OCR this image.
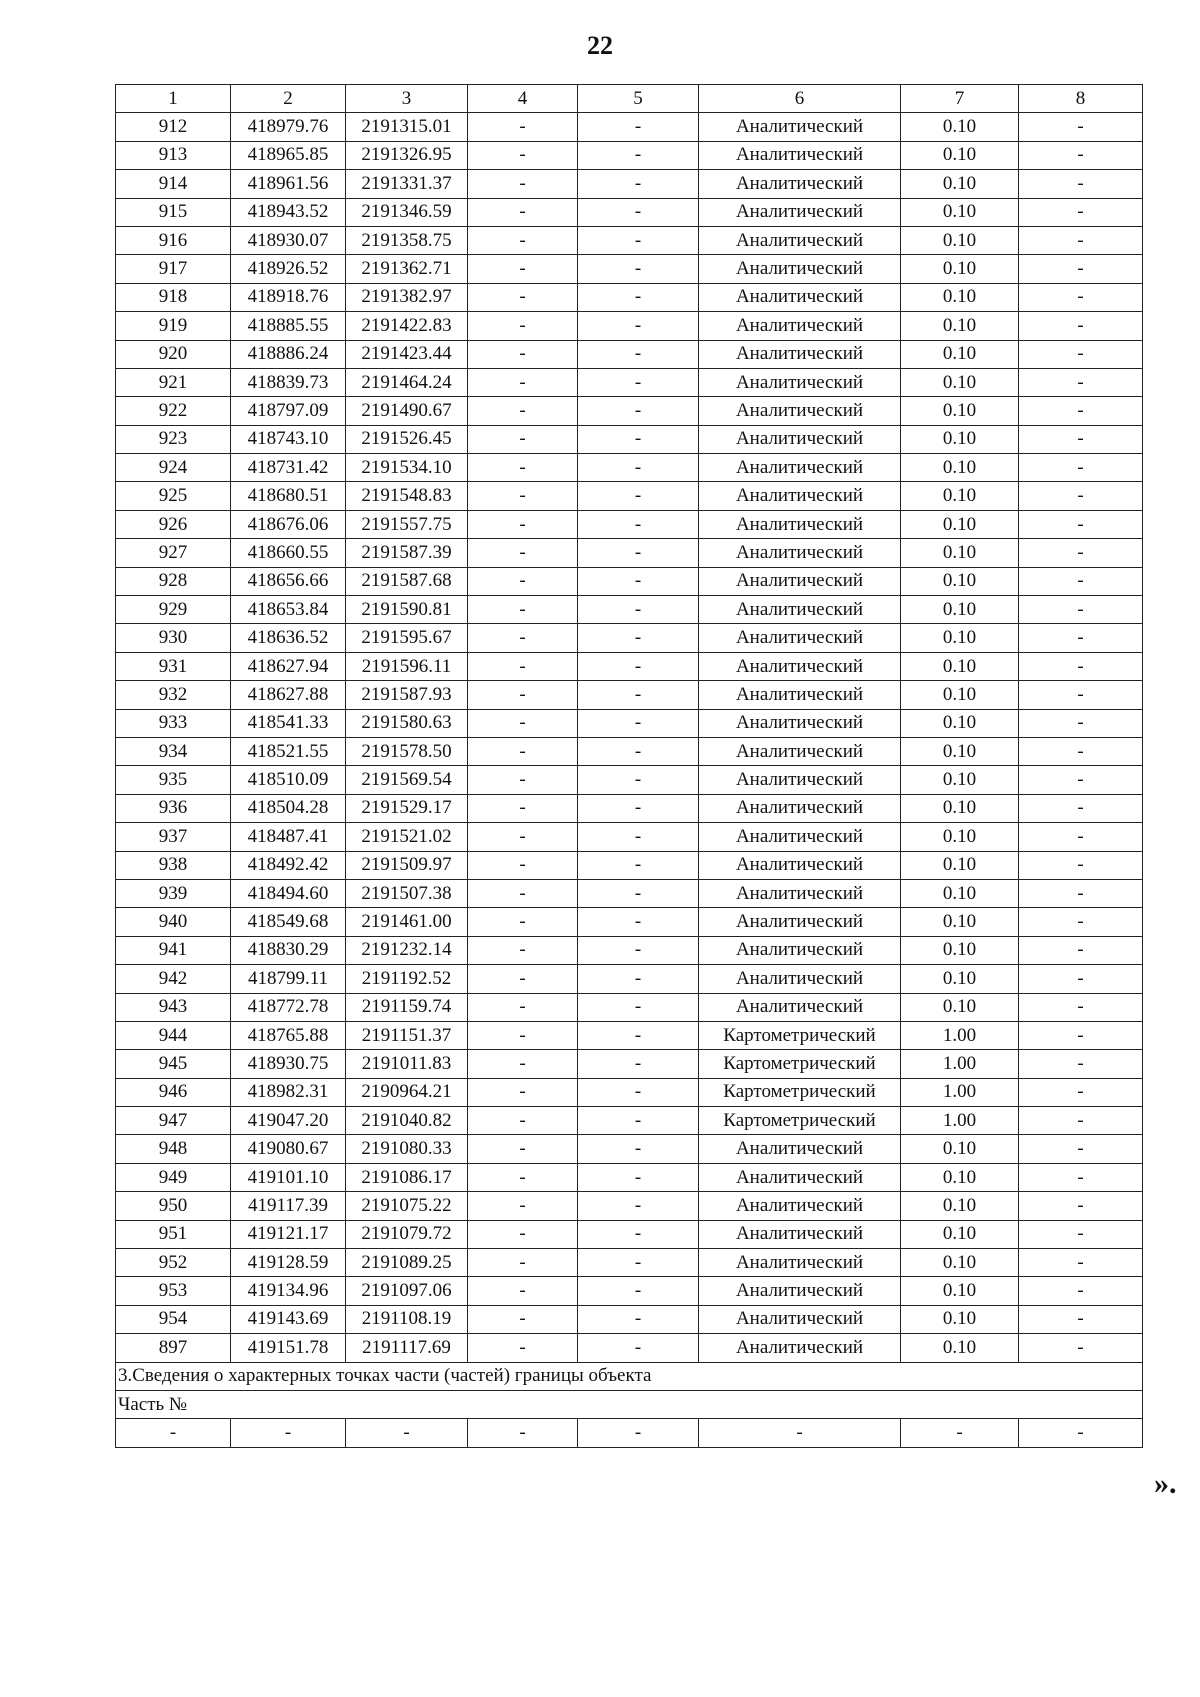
22
1	2	3	4	5	6	7	8
912	418979.76	2191315.01	-	-	Аналитический	0.10	-
913	418965.85	2191326.95	-	-	Аналитический	0.10	-
914	418961.56	2191331.37	-	-	Аналитический	0.10	-
915	418943.52	2191346.59	-	-	Аналитический	0.10	-
916	418930.07	2191358.75	-	-	Аналитический	0.10	-
917	418926.52	2191362.71	-	-	Аналитический	0.10	-
918	418918.76	2191382.97	-	-	Аналитический	0.10	-
919	418885.55	2191422.83	-	-	Аналитический	0.10	-
920	418886.24	2191423.44	-	-	Аналитический	0.10	-
921	418839.73	2191464.24	-	-	Аналитический	0.10	-
922	418797.09	2191490.67	-	-	Аналитический	0.10	-
923	418743.10	2191526.45	-	-	Аналитический	0.10	-
924	418731.42	2191534.10	-	-	Аналитический	0.10	-
925	418680.51	2191548.83	-	-	Аналитический	0.10	-
926	418676.06	2191557.75	-	-	Аналитический	0.10	-
927	418660.55	2191587.39	-	-	Аналитический	0.10	-
928	418656.66	2191587.68	-	-	Аналитический	0.10	-
929	418653.84	2191590.81	-	-	Аналитический	0.10	-
930	418636.52	2191595.67	-	-	Аналитический	0.10	-
931	418627.94	2191596.11	-	-	Аналитический	0.10	-
932	418627.88	2191587.93	-	-	Аналитический	0.10	-
933	418541.33	2191580.63	-	-	Аналитический	0.10	-
934	418521.55	2191578.50	-	-	Аналитический	0.10	-
935	418510.09	2191569.54	-	-	Аналитический	0.10	-
936	418504.28	2191529.17	-	-	Аналитический	0.10	-
937	418487.41	2191521.02	-	-	Аналитический	0.10	-
938	418492.42	2191509.97	-	-	Аналитический	0.10	-
939	418494.60	2191507.38	-	-	Аналитический	0.10	-
940	418549.68	2191461.00	-	-	Аналитический	0.10	-
941	418830.29	2191232.14	-	-	Аналитический	0.10	-
942	418799.11	2191192.52	-	-	Аналитический	0.10	-
943	418772.78	2191159.74	-	-	Аналитический	0.10	-
944	418765.88	2191151.37	-	-	Картометрический	1.00	-
945	418930.75	2191011.83	-	-	Картометрический	1.00	-
946	418982.31	2190964.21	-	-	Картометрический	1.00	-
947	419047.20	2191040.82	-	-	Картометрический	1.00	-
948	419080.67	2191080.33	-	-	Аналитический	0.10	-
949	419101.10	2191086.17	-	-	Аналитический	0.10	-
950	419117.39	2191075.22	-	-	Аналитический	0.10	-
951	419121.17	2191079.72	-	-	Аналитический	0.10	-
952	419128.59	2191089.25	-	-	Аналитический	0.10	-
953	419134.96	2191097.06	-	-	Аналитический	0.10	-
954	419143.69	2191108.19	-	-	Аналитический	0.10	-
897	419151.78	2191117.69	-	-	Аналитический	0.10	-
3.Сведения о характерных точках части (частей) границы объекта							
Часть №							
-	-	-	-	-	-	-	-
».
